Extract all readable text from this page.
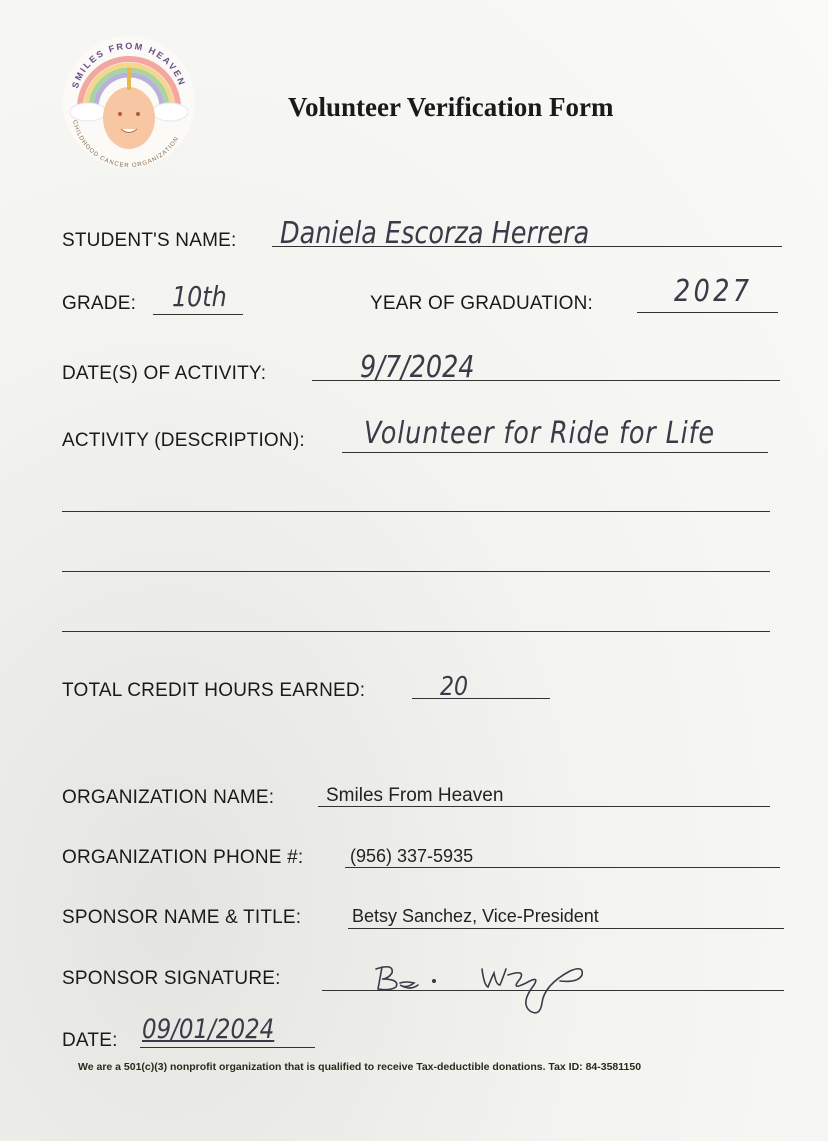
SMILES FROM HEAVEN
CHILDHOOD CANCER ORGANIZATION
Volunteer Verification Form
STUDENT'S NAME: Daniela Escorza Herrera
GRADE: 10th	YEAR OF GRADUATION:	2027
DATE(S) OF ACTIVITY:	9/7/2024
ACTIVITY (DESCRIPTION): Volunteer for Ride for Life
TOTAL CREDIT HOURS EARNED:	20
ORGANIZATION NAME:	Smiles From Heaven
ORGANIZATION PHONE #:	(956) 337-5935
SPONSOR NAME & TITLE:	Betsy Sanchez, Vice-President
SPONSOR SIGNATURE:
DATE: 09/01/2024
We are a 501(c)(3) nonprofit organization that is qualified to receive Tax-deductible donations. Tax ID: 84-3581150
